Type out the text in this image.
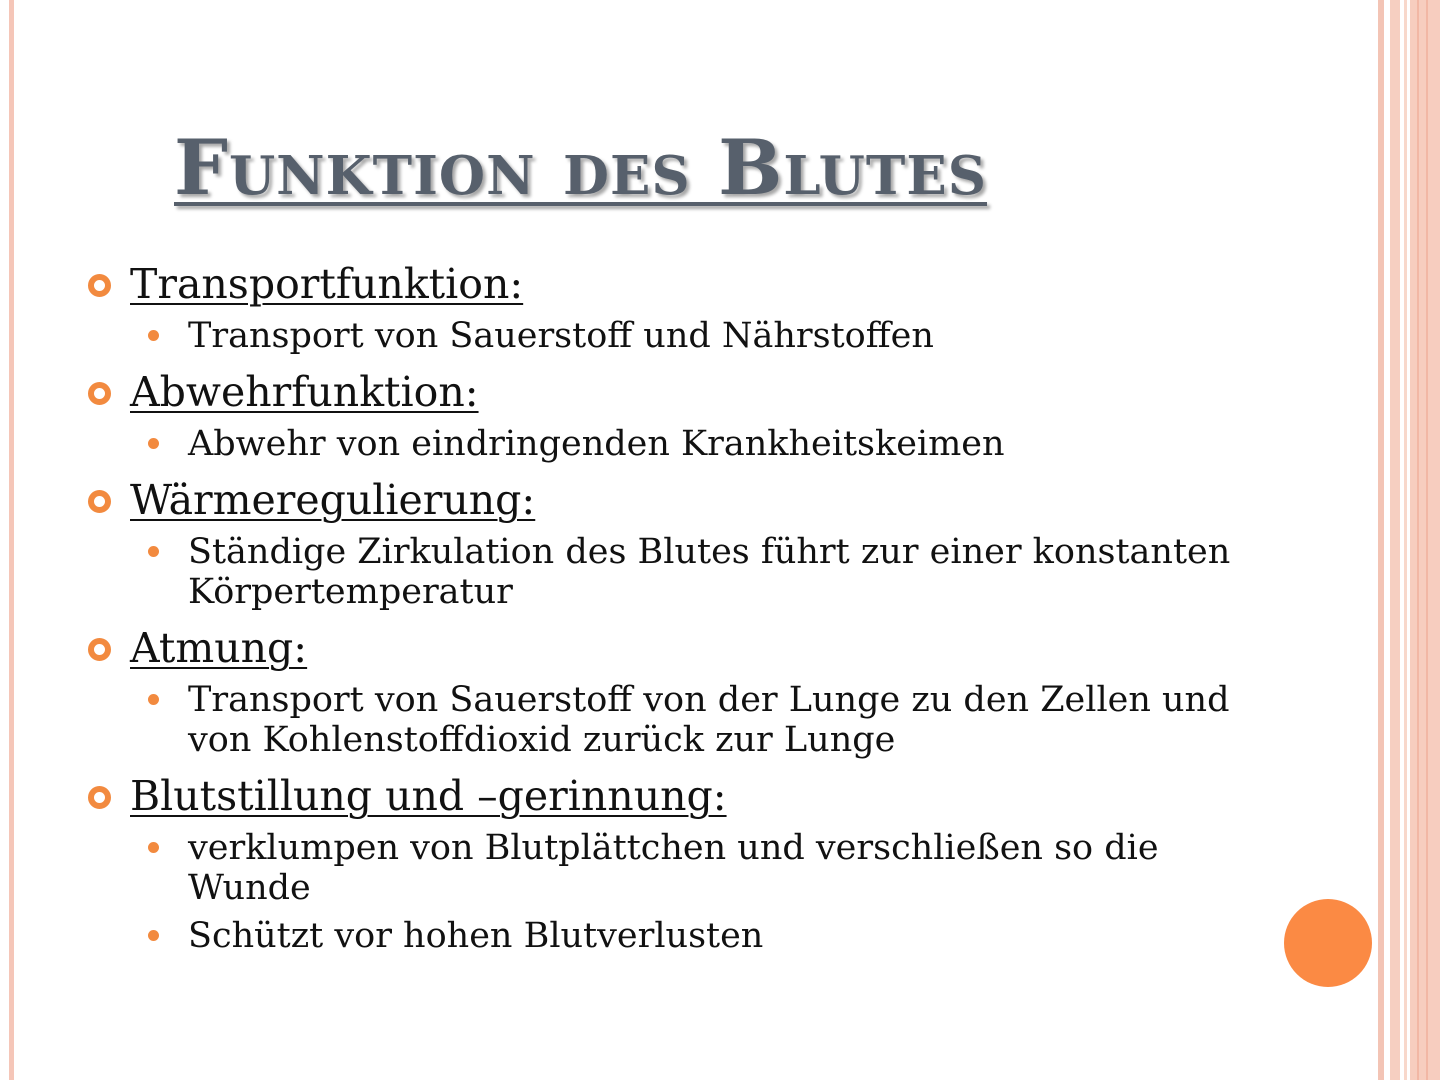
Funktion des Blutes
Transportfunktion:
Transport von Sauerstoff und Nährstoffen
Abwehrfunktion:
Abwehr von eindringenden Krankheitskeimen
Wärmeregulierung:
Ständige Zirkulation des Blutes führt zur einer konstanten Körpertemperatur
Atmung:
Transport von Sauerstoff von der Lunge zu den Zellen und von Kohlenstoffdioxid zurück zur Lunge
Blutstillung und –gerinnung:
verklumpen von Blutplättchen und verschließen so die Wunde
Schützt vor hohen Blutverlusten
